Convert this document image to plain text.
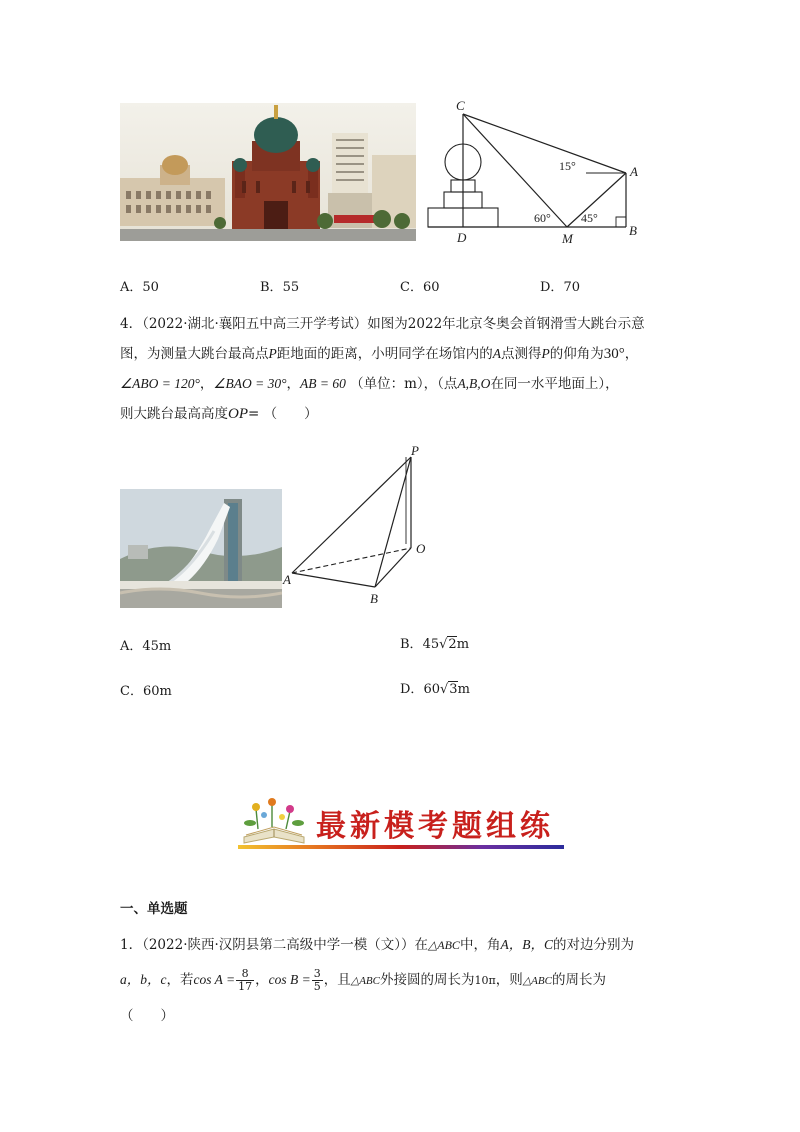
C
A
B
D	M
15°
60°	45°
A．50	B．55	C．60	D．70
4．（2022·湖北·襄阳五中高三开学考试）如图为2022年北京冬奥会首钢滑雪大跳台示意
图，为测量大跳台最高点P距地面的距离，小明同学在场馆内的A点测得P的仰角为30°，
∠ABO = 120°，∠BAO = 30°，AB = 60 （单位：m），（点A,B,O在同一水平地面上），
则大跳台最高高度OP= （　　）
P
O
A
B
A．45m	B．45√2m
C．60m	D．60√3m
最新模考题组练
一、单选题
1．（2022·陕西·汉阴县第二高级中学一模（文））在△ABC中，角A，B，C的对边分别为
a，b，c，若$\cos A = \frac{8}{17}$ ，$\cos B = \frac{3}{5}$ ，且△ABC外接圆的周长为10π，则△ABC的周长为
（　　）
